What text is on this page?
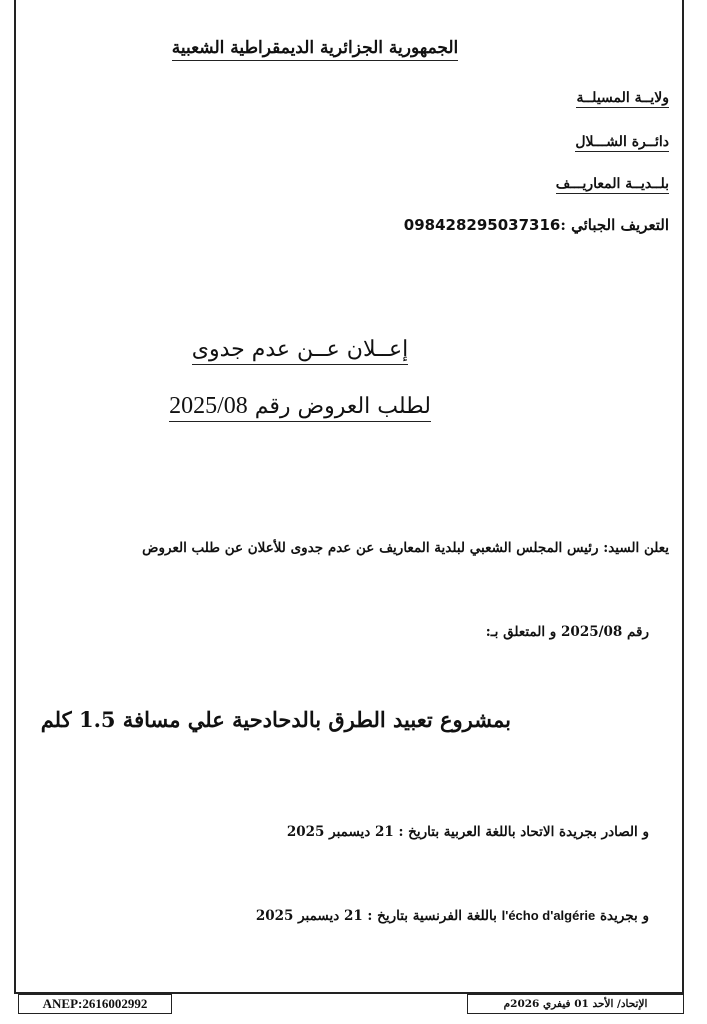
الجمهورية الجزائرية الديمقراطية الشعبية
ولايــة المسيلــة
دائــرة الشـــلال
بلــديــة المعاريـــف
التعريف الجبائي :098428295037316
إعــلان عــن عدم جدوى
لطلب العروض رقم 2025/08
يعلن السيد: رئيس المجلس الشعبي لبلدية المعاريف عن عدم جدوى للأعلان عن طلب العروض
رقم 2025/08 و المتعلق بـ:
بمشروع تعبيد الطرق بالدحادحية علي مسافة 1.5 كلم
و الصادر بجريدة الاتحاد باللغة العربية بتاريخ : 21 ديسمبر 2025
و بجريدة l'écho d'algérie باللغة الفرنسية بتاريخ : 21 ديسمبر 2025
ANEP:2616002992	الإتحاد/ الأحد 01 فيفري 2026م
